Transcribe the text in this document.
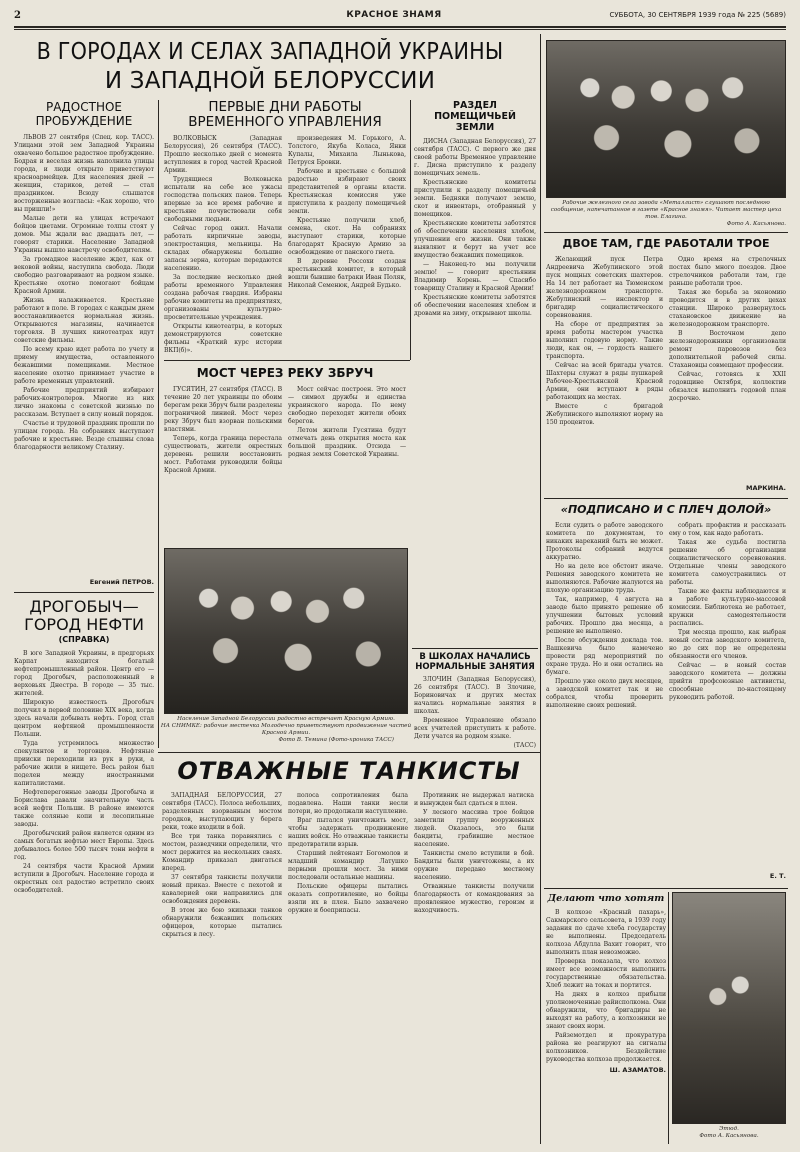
2	КРАСНОЕ ЗНАМЯ	СУББОТА, 30 СЕНТЯБРЯ 1939 года № 225 (5689)
В ГОРОДАХ И СЕЛАХ ЗАПАДНОЙ УКРАИНЫ
И ЗАПАДНОЙ БЕЛОРУССИИ
РАДОСТНОЕ ПРОБУЖДЕНИЕ

ЛЬВОВ 27 сентября (Спец. кор. ТАСС). Улицами этой зем Западной Украины охвачено большое радостное пробуждение. Бодрая и веселая жизнь наполнила улицы города, и люди открыто приветствуют красноармейцев. Для населения дней — женщин, стариков, детей — стал праздником. Всюду слышатся восторженные возгласы: «Как хорошо, что вы пришли!»

Малые дети на улицах встречают бойцов цветами. Огромные толпы стоят у домов. Мы ждали вас двадцать лет, — говорят старики. Население Западной Украины вышло навстречу освободителям.

За громадное население ждет, как от вековой войны, наступила свобода. Люди свободно разговаривают на родном языке. Крестьяне охотно помогают бойцам Красной Армии.

Жизнь налаживается. Крестьяне работают в поле. В городах с каждым днем восстанавливается нормальная жизнь. Открываются магазины, начинается торговля. В лучших кинотеатрах идут советские фильмы.

По всему краю идет работа по учету и приему имущества, оставленного бежавшими помещиками. Местное население охотно принимает участие в работе временных управлений.

Рабочие предприятий избирают рабочих-контролеров. Многие из них лично знакомы с советской жизнью по рассказам. Вступает в силу новый порядок.

Счастье и трудовой праздник прошли по улицам города. На собраниях выступают рабочие и крестьяне. Везде слышны слова благодарности великому Сталину.

Евгений ПЕТРОВ.
ДРОГОБЫЧ—
ГОРОД НЕФТИ
(СПРАВКА)

В юге Западной Украины, в предгорьях Карпат находится богатый нефтепромышленный район. Центр его — город Дрогобыч, расположенный в верховьях Днестра. В городе — 35 тыс. жителей.

Широкую известность Дрогобыч получил в первой половине XIX века, когда здесь начали добывать нефть. Город стал центром нефтяной промышленности Польши.

Туда устремилось множество спекулянтов и торговцев. Нефтяные прииски переходили из рук в руки, а рабочие жили в нищете. Весь район был поделен между иностранными капиталистами.

Нефтеперегонные заводы Дрогобыча и Борислава давали значительную часть всей нефти Польши. В районе имеются также соляные копи и лесопильные заводы.

Дрогобычский район является одним из самых богатых нефтью мест Европы. Здесь добывалось более 500 тысяч тонн нефти в год.

24 сентября части Красной Армии вступили в Дрогобыч. Население города и окрестных сел радостно встретило своих освободителей.

ПЕРВЫЕ ДНИ РАБОТЫ
ВРЕМЕННОГО УПРАВЛЕНИЯ

ВОЛКОВЫСК (Западная Белоруссия), 26 сентября (ТАСС). Прошло несколько дней с момента вступления в город частей Красной Армии.

Трудящиеся Волковыска испытали на себе все ужасы господства польских панов. Теперь впервые за все время рабочие и крестьяне почувствовали себя свободными людьми.

Сейчас город ожил. Начали работать кирпичные заводы, электростанция, мельницы. На складах обнаружены большие запасы зерна, которые передаются населению.

За последние несколько дней работы временного Управления создана рабочая гвардия. Избраны рабочие комитеты на предприятиях, организованы культурно-просветительные учреждения.

Открыты кинотеатры, в которых демонстрируются советские фильмы «Краткий курс истории ВКП(б)».

произведения М. Горького, А. Толстого, Якуба Коласа, Янки Купалы, Михаила Лынькова, Петруся Бровки.

Рабочие и крестьяне с большой радостью избирают своих представителей в органы власти. Крестьянская комиссия уже приступила к разделу помещичьей земли.

Крестьяне получили хлеб, семена, скот. На собраниях выступают старики, которые благодарят Красную Армию за освобождение от панского гнета.

В деревне Россохи создан крестьянский комитет, в который вошли бывшие батраки Иван Поляк, Николай Семенюк, Андрей Будько.

РАЗДЕЛ
ПОМЕЩИЧЬЕЙ ЗЕМЛИ

ДИСНА (Западная Белоруссия), 27 сентября (ТАСС). С первого же дня своей работы Временное управление г. Дисна приступило к разделу помещичьих земель.

Крестьянские комитеты приступили к разделу помещичьей земли. Бедняки получают землю, скот и инвентарь, отобранный у помещиков.

Крестьянские комитеты заботятся об обеспечении населения хлебом, улучшении его жизни. Они также выявляют и берут на учет все имущество бежавших помещиков.

— Наконец-то мы получили землю! — говорит крестьянин Владимир Корень. — Спасибо товарищу Сталину и Красной Армии!

Крестьянские комитеты заботятся об обеспечении населения хлебом и дровами на зиму, открывают школы.

МОСТ ЧЕРЕЗ РЕКУ ЗБРУЧ

ГУСЯТИН, 27 сентября (ТАСС). В течение 20 лет украинцы по обоим берегам реки Збруч были разделены пограничной линией. Мост через реку Збруч был взорван польскими властями.

Теперь, когда граница перестала существовать, жители окрестных деревень решили восстановить мост. Работами руководили бойцы Красной Армии.

Мост сейчас построен. Это мост — символ дружбы и единства украинского народа. По нему свободно переходят жители обоих берегов.

Летом жители Гусятина будут отмечать день открытия моста как большой праздник. Отсюда — родная земля Советской Украины.

Население Западной Белоруссии радостно встречает Красную Армию.
НА СНИМКЕ: рабочие местечка Молодечно приветствуют продвижение частей Красной Армии.
Фото В. Темина (Фото-хроника ТАСС)
В ШКОЛАХ НАЧАЛИСЬ
НОРМАЛЬНЫЕ ЗАНЯТИЯ

ЗЛОЧИН (Западная Белоруссия), 26 сентября (ТАСС). В Злочине, Бориновичах и других местах начались нормальные занятия в школах.

Временное Управление обязало всех учителей приступить к работе. Дети учатся на родном языке.

(ТАСС)

ОТВАЖНЫЕ ТАНКИСТЫ

ЗАПАДНАЯ БЕЛОРУССИЯ, 27 сентября (ТАСС). Полоса небольших, разделенных взорванным мостом городков, выступающих у берега реки, тоже входили в бой.

Все три танка поравнялись с мостом, разведчики определили, что мост держится на нескольких сваях. Командир приказал двигаться вперед.

37 сентября танкисты получили новый приказ. Вместе с пехотой и кавалерией они направились для освобождения деревень.

В этом же бою экипажи танков обнаружили бежавших польских офицеров, которые пытались скрыться в лесу.

полоса сопротивления была подавлена. Наши танки несли потери, но продолжали наступление.

Враг пытался уничтожить мост, чтобы задержать продвижение наших войск. Но отважные танкисты предотвратили взрыв.

Старший лейтенант Богомолов и младший командир Латушко первыми прошли мост. За ними последовали остальные машины.

Польские офицеры пытались оказать сопротивление, но бойцы взяли их в плен. Было захвачено оружие и боеприпасы.

Противник не выдержал натиска и вынужден был сдаться в плен.

У лесного массива трое бойцов заметили группу вооруженных людей. Оказалось, это были бандиты, грабившие местное население.

Танкисты смело вступили в бой. Бандиты были уничтожены, а их оружие передано местному населению.

Отважные танкисты получили благодарность от командования за проявленное мужество, героизм и находчивость.

Рабочие железного села завода «Металлист» слушают последнюю сообщение, напечатанное в газете «Красное знамя». Читает мастер цеха тов. Елагина.
Фото А. Касьянова.
ДВОЕ ТАМ, ГДЕ РАБОТАЛИ ТРОЕ

Желающий пуск Петра Андреевича Жебулинского этой пуск мощных советских шахтеров. На 14 лет работает на Тюменском железнодорожном транспорте. Жебулинский — инспектор и бригадир социалистического соревнования.

На сборе от предприятия за время работы мастером участка выполнил годовую норму. Такие люди, как он, — гордость нашего транспорта.

Сейчас на всей бригады учатся. Шахтеры служат в ряды пушкарей Рабочее-Крестьянской Красной Армии, они вступают в ряды работающих на местах.

Вместе с бригадой Жебулинского выполняют норму на 150 процентов.

Одно время на стрелочных постах было много поездов. Двое стрелочников работали там, где раньше работали трое.

Такая же борьба за экономию проводится и в других цехах станции. Широко развернулось стахановское движение на железнодорожном транспорте.

В Восточном депо железнодорожники организовали ремонт паровозов без дополнительной рабочей силы. Стахановцы совмещают профессии.

Сейчас, готовясь к XXII годовщине Октября, коллектив обязался выполнить годовой план досрочно.

МАРКИНА.
«ПОДПИСАНО И С ПЛЕЧ ДОЛОЙ»

Если судить о работе заводского комитета по документам, то никаких нареканий быть не может. Протоколы собраний ведутся аккуратно.

Но на деле все обстоит иначе. Решения заводского комитета не выполняются. Рабочие жалуются на плохую организацию труда.

Так, например, 4 августа на заводе было принято решение об улучшении бытовых условий рабочих. Прошло два месяца, а решение не выполнено.

После обсуждения доклада тов. Вашкевича было намечено провести ряд мероприятий по охране труда. Но и они остались на бумаге.

Прошло уже около двух месяцев, а заводской комитет так и не собрался, чтобы проверить выполнение своих решений.

собрать профактив и рассказать ему о том, как надо работать.

Такая же судьба постигла решение об организации социалистического соревнования. Отдельные члены заводского комитета самоустранились от работы.

Такие же факты наблюдаются и в работе культурно-массовой комиссии. Библиотека не работает, кружки самодеятельности распались.

Три месяца прошло, как выбран новый состав заводского комитета, но до сих пор не определены обязанности его членов.

Сейчас — в новый состав заводского комитета — должны прийти профсоюзные активисты, способные по-настоящему руководить работой.

Е. Т.
Делают что хотят

В колхозе «Красный пахарь», Сакмарского сельсовета, в 1939 году задания по сдаче хлеба государству не выполнены. Председатель колхоза Абдулла Вахит говорит, что выполнить план невозможно.

Проверка показала, что колхоз имеет все возможности выполнить государственные обязательства. Хлеб лежит на токах и портится.

На днях в колхоз прибыли уполномоченные райисполкома. Они обнаружили, что бригадиры не выходят на работу, а колхозники не знают своих норм.

Райземотдел и прокуратура района не реагируют на сигналы колхозников. Бездействие руководства колхоза продолжается.

Ш. АЗАМАТОВ.
Этюд.
Фото А. Касьянова.
